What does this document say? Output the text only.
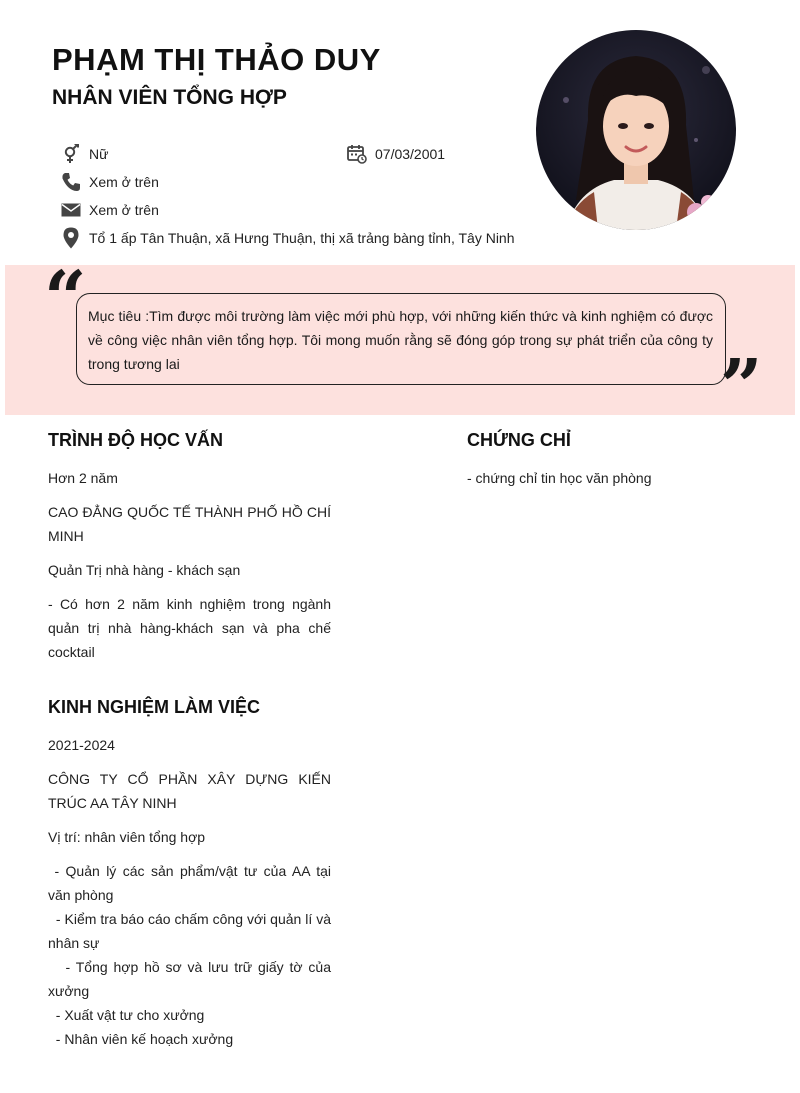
PHẠM THỊ THẢO DUY
NHÂN VIÊN TỔNG HỢP
Nữ	07/03/2001
Xem ở trên
Xem ở trên
Tổ 1 ấp Tân Thuận, xã Hưng Thuận, thị xã trảng bàng tỉnh, Tây Ninh
“
”
Mục tiêu :Tìm được môi trường làm việc mới phù hợp, với những kiến thức và kinh nghiệm có được về công việc nhân viên tổng hợp. Tôi mong muốn rằng sẽ đóng góp trong sự phát triển của công ty trong tương lai
TRÌNH ĐỘ HỌC VẤN

Hơn 2 năm

CAO ĐẲNG QUỐC TẾ THÀNH PHỐ HỒ CHÍ MINH

Quản Trị nhà hàng - khách sạn

- Có hơn 2 năm kinh nghiệm trong ngành quản trị nhà hàng-khách sạn và pha chế cocktail

KINH NGHIỆM LÀM VIỆC

2021-2024

CÔNG TY CỔ PHẦN XÂY DỰNG KIẾN TRÚC AA TÂY NINH

Vị trí: nhân viên tổng hợp

- Quản lý các sản phẩm/vật tư của AA tại văn phòng
- Kiểm tra báo cáo chấm công với quản lí và nhân sự
- Tổng hợp hồ sơ và lưu trữ giấy tờ của xưởng
- Xuất vật tư cho xưởng
- Nhân viên kế hoạch xưởng
CHỨNG CHỈ

- chứng chỉ tin học văn phòng
